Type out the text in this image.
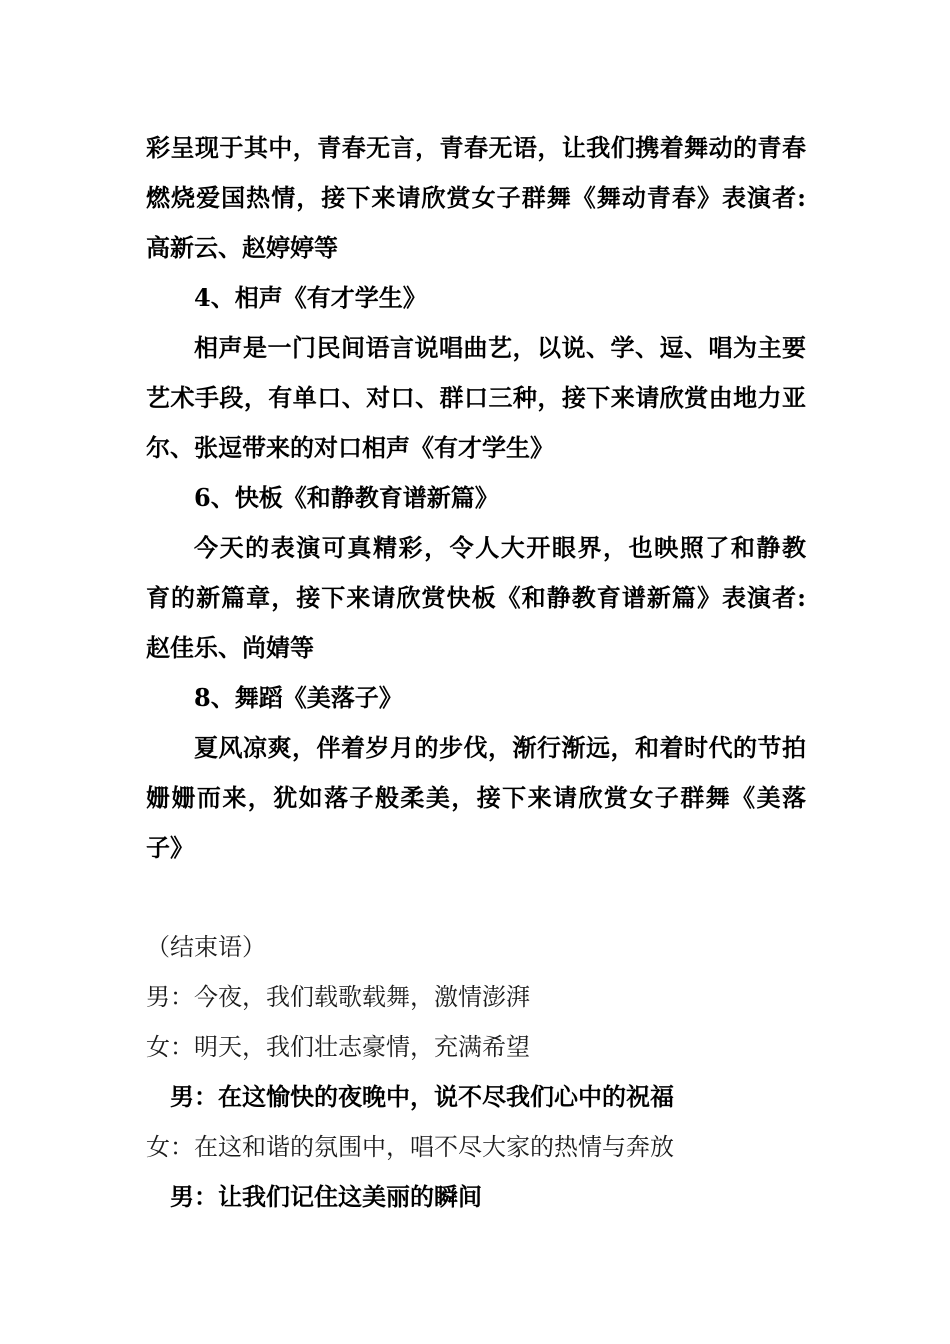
彩呈现于其中，青春无言，青春无语，让我们携着舞动的青春
燃烧爱国热情，接下来请欣赏女子群舞《舞动青春》表演者:
高新云、赵婷婷等
4、相声《有才学生》
相声是一门民间语言说唱曲艺，以说、学、逗、唱为主要
艺术手段，有单口、对口、群口三种，接下来请欣赏由地力亚
尔、张逗带来的对口相声《有才学生》
6、快板《和静教育谱新篇》
今天的表演可真精彩，令人大开眼界，也映照了和静教
育的新篇章，接下来请欣赏快板《和静教育谱新篇》表演者:
赵佳乐、尚婧等
8、舞蹈《美落子》
夏风凉爽，伴着岁月的步伐，渐行渐远，和着时代的节拍
姗姗而来，犹如落子般柔美，接下来请欣赏女子群舞《美落
子》
（结束语）
男：今夜，我们载歌载舞，激情澎湃
女：明天，我们壮志豪情，充满希望
男：在这愉快的夜晚中，说不尽我们心中的祝福
女：在这和谐的氛围中，唱不尽大家的热情与奔放
男：让我们记住这美丽的瞬间
